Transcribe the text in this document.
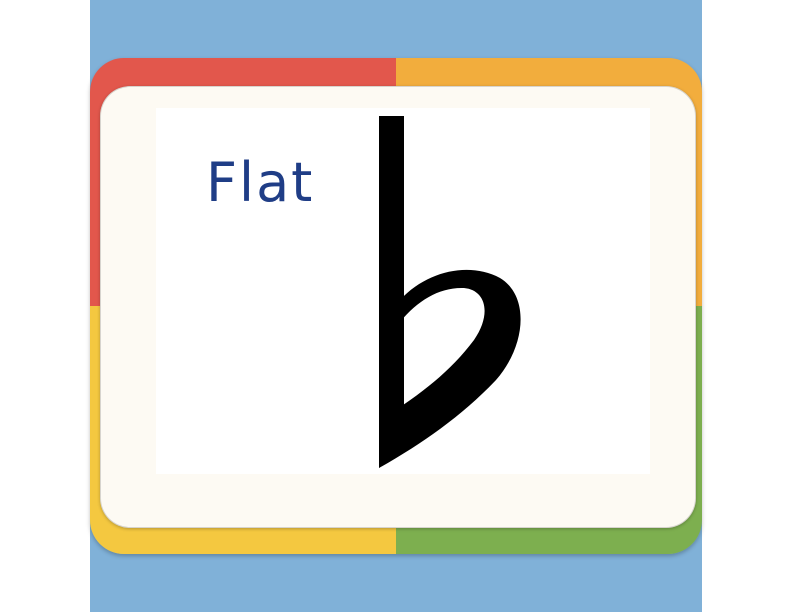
Flat
